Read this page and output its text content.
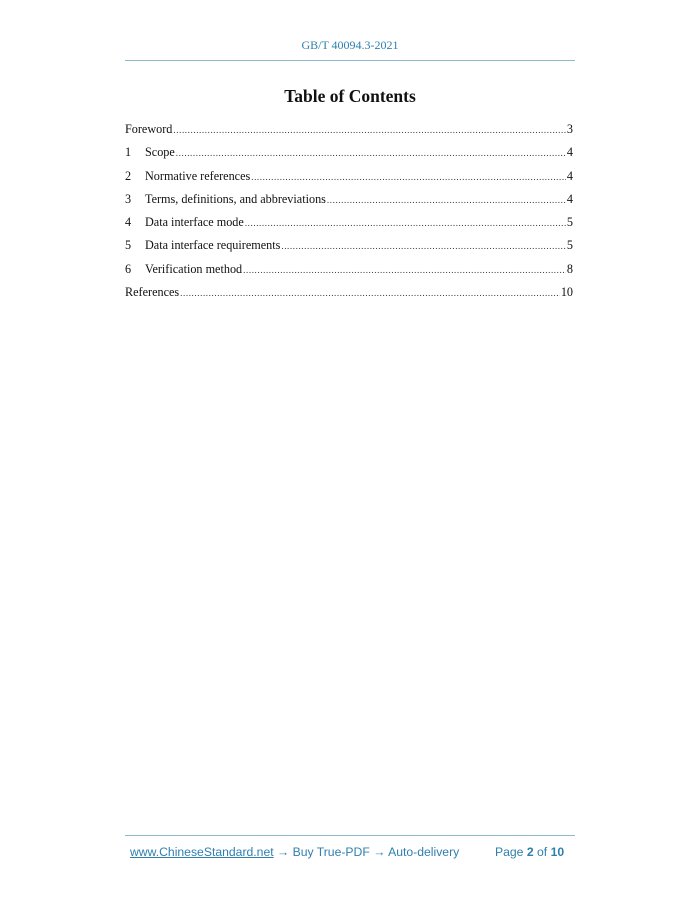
GB/T 40094.3-2021
Table of Contents
Foreword .....	3
1	Scope .....	4
2	Normative references .....	4
3	Terms, definitions, and abbreviations .....	4
4	Data interface mode .....	5
5	Data interface requirements .....	5
6	Verification method .....	8
References .....	10
www.ChineseStandard.net → Buy True-PDF → Auto-delivery	Page 2 of 10
